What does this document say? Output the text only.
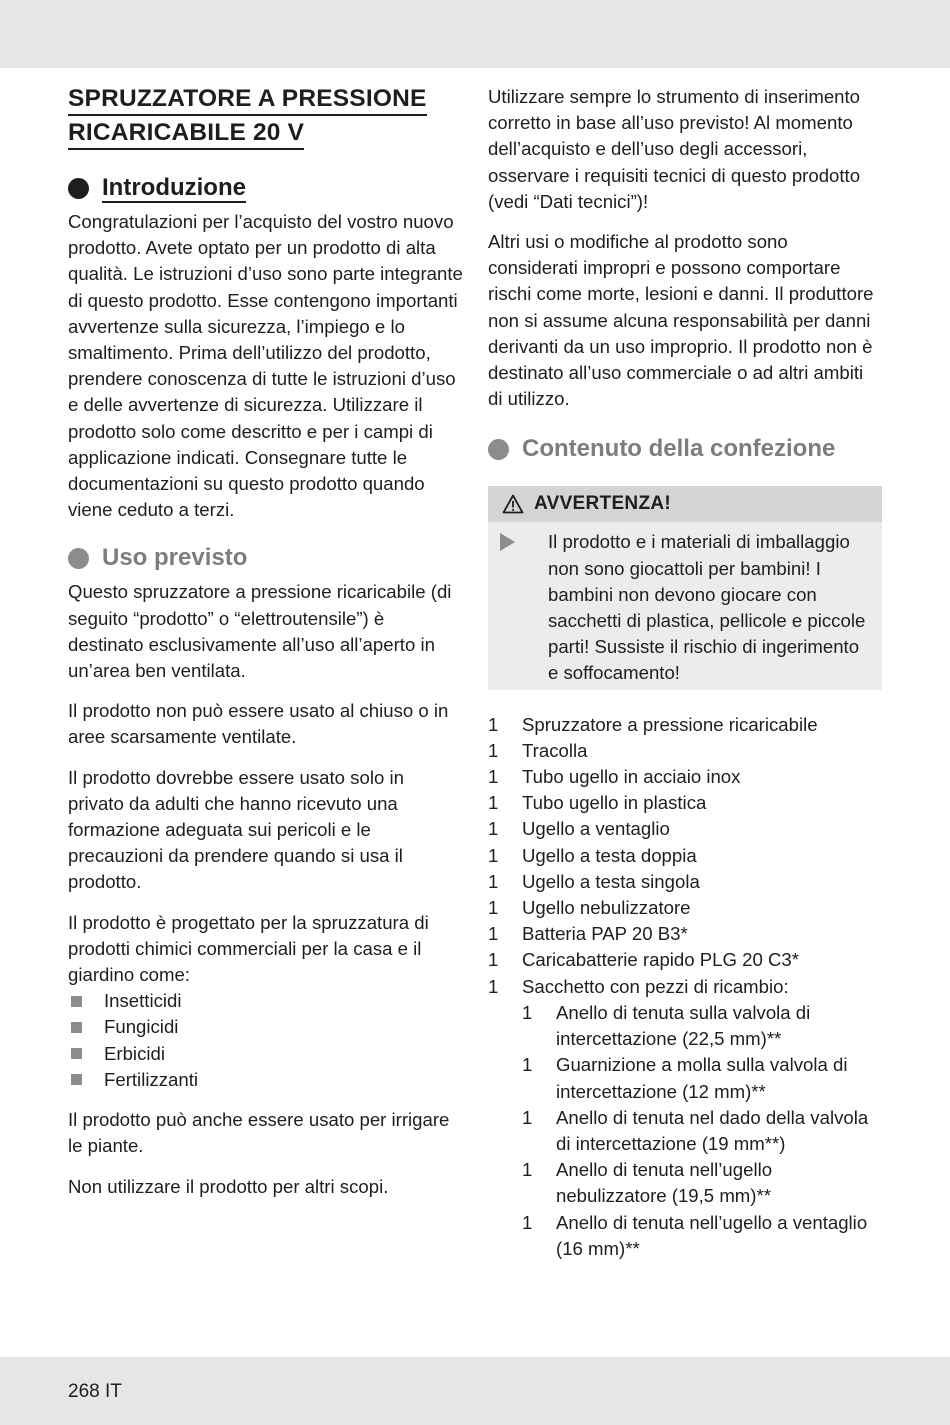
SPRUZZATORE A PRESSIONE
RICARICABILE 20 V
Introduzione

Congratulazioni per l’acquisto del vostro nuovo prodotto. Avete optato per un prodotto di alta qualità. Le istruzioni d’uso sono parte integrante di questo prodotto. Esse contengono importanti avvertenze sulla sicurezza, l’impiego e lo smaltimento. Prima dell’utilizzo del prodotto, prendere conoscenza di tutte le istruzioni d’uso e delle avvertenze di sicurezza. Utilizzare il prodotto solo come descritto e per i campi di applicazione indicati. Consegnare tutte le documentazioni su questo prodotto quando viene ceduto a terzi.

Uso previsto

Questo spruzzatore a pressione ricaricabile (di seguito “prodotto” o “elettroutensile”) è destinato esclusivamente all’uso all’aperto in un’area ben ventilata.

Il prodotto non può essere usato al chiuso o in aree scarsamente ventilate.

Il prodotto dovrebbe essere usato solo in privato da adulti che hanno ricevuto una formazione adeguata sui pericoli e le precauzioni da prendere quando si usa il prodotto.

Il prodotto è progettato per la spruzzatura di prodotti chimici commerciali per la casa e il giardino come:

Insetticidi
Fungicidi
Erbicidi
Fertilizzanti

Il prodotto può anche essere usato per irrigare le piante.

Non utilizzare il prodotto per altri scopi.

Utilizzare sempre lo strumento di inserimento corretto in base all’uso previsto! Al momento dell’acquisto e dell’uso degli accessori, osservare i requisiti tecnici di questo prodotto (vedi “Dati tecnici”)!

Altri usi o modifiche al prodotto sono considerati impropri e possono comportare rischi come morte, lesioni e danni. Il produttore non si assume alcuna responsabilità per danni derivanti da un uso improprio. Il prodotto non è destinato all’uso commerciale o ad altri ambiti di utilizzo.

Contenuto della confezione
AVVERTENZA!
Il prodotto e i materiali di imballaggio non sono giocattoli per bambini! I bambini non devono giocare con sacchetti di plastica, pellicole e piccole parti! Sussiste il rischio di ingerimento e soffocamento!
1	Spruzzatore a pressione ricaricabile
1	Tracolla
1	Tubo ugello in acciaio inox
1	Tubo ugello in plastica
1	Ugello a ventaglio
1	Ugello a testa doppia
1	Ugello a testa singola
1	Ugello nebulizzatore
1	Batteria PAP 20 B3*
1	Caricabatterie rapido PLG 20 C3*
1	Sacchetto con pezzi di ricambio:
1	Anello di tenuta sulla valvola di intercettazione (22,5 mm)**
1	Guarnizione a molla sulla valvola di intercettazione (12 mm)**
1	Anello di tenuta nel dado della valvola di intercettazione (19 mm**)
1	Anello di tenuta nell’ugello nebulizzatore (19,5 mm)**
1	Anello di tenuta nell’ugello a ventaglio (16 mm)**
268 IT
